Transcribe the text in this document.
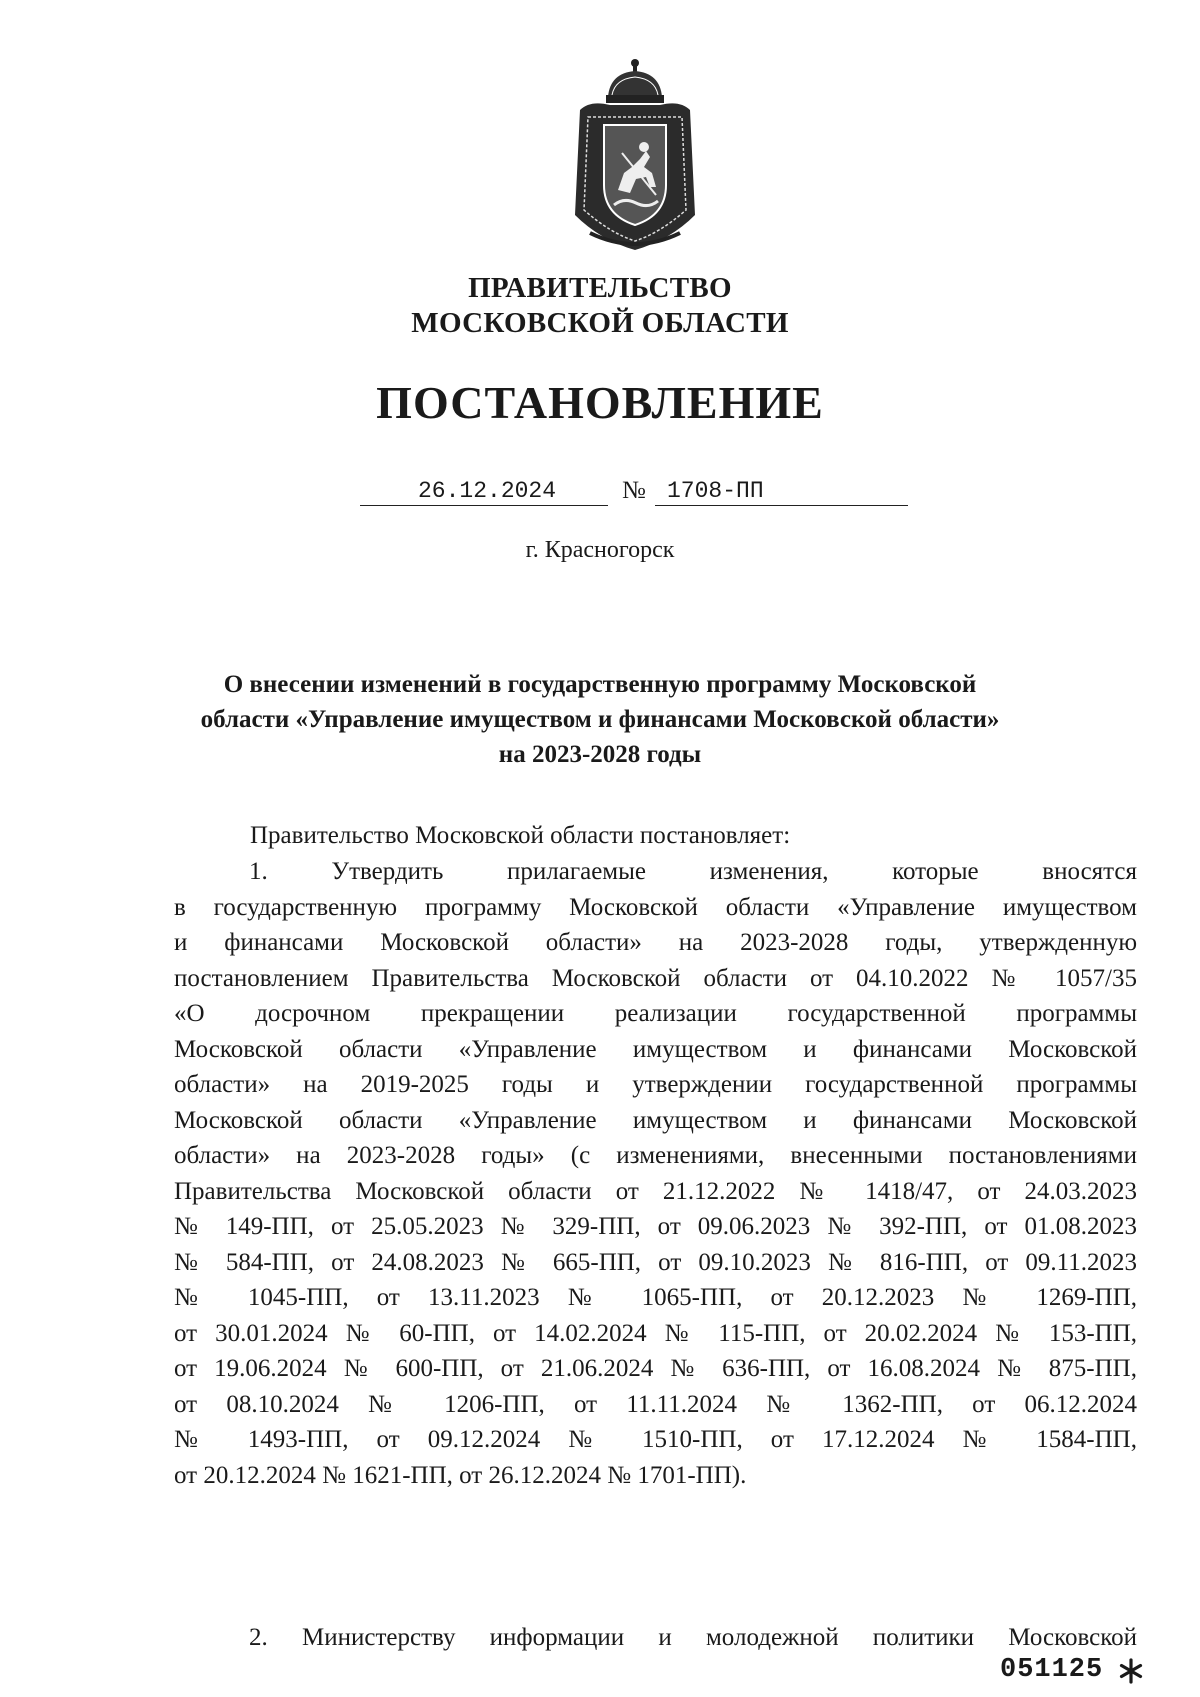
ПРАВИТЕЛЬСТВО
МОСКОВСКОЙ ОБЛАСТИ
ПОСТАНОВЛЕНИЕ
26.12.2024	№ 1708-ПП
г. Красногорск
О внесении изменений в государственную программу Московской
области «Управление имуществом и финансами Московской области»
на 2023-2028 годы
Правительство Московской области постановляет:
1. Утвердить прилагаемые изменения, которые вносятся
в государственную программу Московской области «Управление имуществом
и финансами Московской области» на 2023-2028 годы, утвержденную
постановлением Правительства Московской области от 04.10.2022 № 1057/35
«О досрочном прекращении реализации государственной программы
Московской области «Управление имуществом и финансами Московской
области» на 2019-2025 годы и утверждении государственной программы
Московской области «Управление имуществом и финансами Московской
области» на 2023-2028 годы» (с изменениями, внесенными постановлениями
Правительства Московской области от 21.12.2022 № 1418/47, от 24.03.2023
№ 149-ПП, от 25.05.2023 № 329-ПП, от 09.06.2023 № 392-ПП, от 01.08.2023
№ 584-ПП, от 24.08.2023 № 665-ПП, от 09.10.2023 № 816-ПП, от 09.11.2023
№ 1045-ПП, от 13.11.2023 № 1065-ПП, от 20.12.2023 № 1269-ПП,
от 30.01.2024 № 60-ПП, от 14.02.2024 № 115-ПП, от 20.02.2024 № 153-ПП,
от 19.06.2024 № 600-ПП, от 21.06.2024 № 636-ПП, от 16.08.2024 № 875-ПП,
от 08.10.2024 № 1206-ПП, от 11.11.2024 № 1362-ПП, от 06.12.2024
№ 1493-ПП, от 09.12.2024 № 1510-ПП, от 17.12.2024 № 1584-ПП,
от 20.12.2024 № 1621-ПП, от 26.12.2024 № 1701-ПП).
2. Министерству информации и молодежной политики Московской
051125
